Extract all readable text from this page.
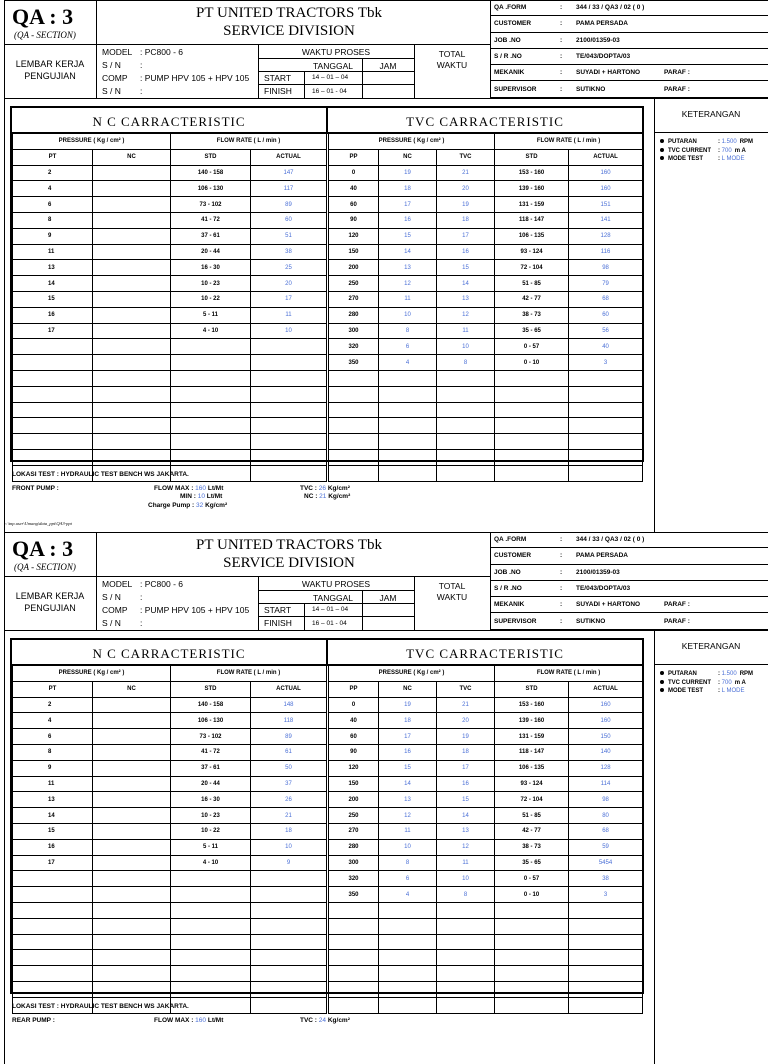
QA : 3
(QA - SECTION)
LEMBAR KERJA
PENGUJIAN
PT UNITED TRACTORS Tbk
SERVICE DIVISION
MODEL : PC800 - 6
S / N :
COMP : PUMP HPV 105 + HPV 105
S / N :
WAKTU PROSES
TANGGAL	JAM
START	14 – 01 – 04
FINISH	16 – 01 - 04
TOTAL
WAKTU
QA .FORM	: 344 / 33 / QA3 / 02 ( 0 )
CUSTOMER	: PAMA PERSADA
JOB .NO	: 2100/01359-03
S / R .NO	: TE/043/DOPTA/03
MEKANIK	: SUYADI + HARTONO	PARAF :
SUPERVISOR	: SUTIKNO	PARAF :
N C CARRACTERISTIC	TVC CARRACTERISTIC
PRESSURE ( Kg / cm² )		FLOW RATE ( L / min )	
PT	NC	STD	ACTUAL
2		140 - 158	147
4		106 - 130	117
6		73 - 102	89
8		41 - 72	60
9		37 - 61	51
11		20 - 44	38
13		16 - 30	25
14		10 - 23	20
15		10 - 22	17
16		5 - 11	11
17		4 - 10	10

PRESSURE ( Kg / cm² )			FLOW RATE ( L / min )	
PP	NC	TVC	STD	ACTUAL
0	19	21	153 - 160	160
40	18	20	139 - 160	160
60	17	19	131 - 159	151
90	16	18	118 - 147	141
120	15	17	106 - 135	128
150	14	16	93 - 124	116
200	13	15	72 - 104	98
250	12	14	51 - 85	79
270	11	13	42 - 77	68
280	10	12	38 - 73	60
300	8	11	35 - 65	56
320	6	10	0 - 57	40
350	4	8	0 - 10	3

KETERANGAN
PUTARAN	: 1.500 RPM
TVC CURRENT : 700 m A
MODE TEST : L MODE
LOKASI TEST : HYDRAULIC TEST BENCH WS JAKARTA.
FRONT PUMP :	FLOW MAX : 160 Lt/Mt
MIN : 10 Lt/Mt
Charge Pump : 32 Kg/cm²
TVC : 26 Kg/cm²
NC : 21 Kg/cm²
c:\tnp.user\Umang\data_ppt\QA3-ppt
QA : 3
(QA - SECTION)
LEMBAR KERJA
PENGUJIAN
PT UNITED TRACTORS Tbk
SERVICE DIVISION
MODEL : PC800 - 6
S / N :
COMP : PUMP HPV 105 + HPV 105
S / N :
WAKTU PROSES
TANGGAL	JAM
START	14 – 01 – 04
FINISH	16 – 01 - 04
TOTAL
WAKTU
QA .FORM	: 344 / 33 / QA3 / 02 ( 0 )
CUSTOMER	: PAMA PERSADA
JOB .NO	: 2100/01359-03
S / R .NO	: TE/043/DOPTA/03
MEKANIK	: SUYADI + HARTONO	PARAF :
SUPERVISOR	: SUTIKNO	PARAF :
N C CARRACTERISTIC	TVC CARRACTERISTIC
PRESSURE ( Kg / cm² )		FLOW RATE ( L / min )	
PT	NC	STD	ACTUAL
2		140 - 158	148
4		106 - 130	118
6		73 - 102	89
8		41 - 72	61
9		37 - 61	50
11		20 - 44	37
13		16 - 30	26
14		10 - 23	21
15		10 - 22	18
16		5 - 11	10
17		4 - 10	9

PRESSURE ( Kg / cm² )			FLOW RATE ( L / min )	
PP	NC	TVC	STD	ACTUAL
0	19	21	153 - 160	160
40	18	20	139 - 160	160
60	17	19	131 - 159	150
90	16	18	118 - 147	140
120	15	17	106 - 135	128
150	14	16	93 - 124	114
200	13	15	72 - 104	98
250	12	14	51 - 85	80
270	11	13	42 - 77	68
280	10	12	38 - 73	59
300	8	11	35 - 65	5454
320	6	10	0 - 57	38
350	4	8	0 - 10	3

KETERANGAN
PUTARAN	: 1.500 RPM
TVC CURRENT : 700 m A
MODE TEST : L MODE
LOKASI TEST : HYDRAULIC TEST BENCH WS JAKARTA.
REAR PUMP :	FLOW MAX : 160 Lt/Mt	TVC : 24 Kg/cm²
